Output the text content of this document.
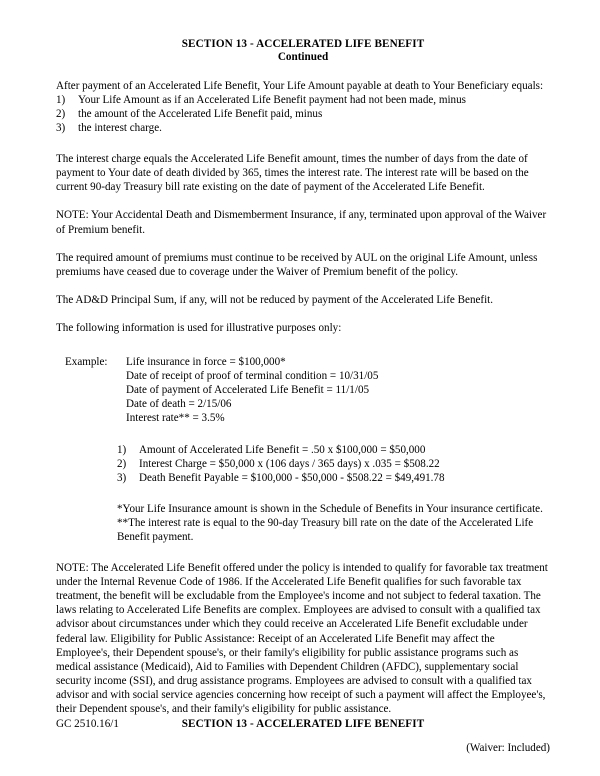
SECTION 13 - ACCELERATED LIFE BENEFIT
Continued

After payment of an Accelerated Life Benefit, Your Life Amount payable at death to Your Beneficiary equals:

1) Your Life Amount as if an Accelerated Life Benefit payment had not been made, minus
2) the amount of the Accelerated Life Benefit paid, minus
3) the interest charge.

The interest charge equals the Accelerated Life Benefit amount, times the number of days from the date of payment to Your date of death divided by 365, times the interest rate. The interest rate will be based on the current 90-day Treasury bill rate existing on the date of payment of the Accelerated Life Benefit.

NOTE: Your Accidental Death and Dismemberment Insurance, if any, terminated upon approval of the Waiver of Premium benefit.

The required amount of premiums must continue to be received by AUL on the original Life Amount, unless premiums have ceased due to coverage under the Waiver of Premium benefit of the policy.

The AD&D Principal Sum, if any, will not be reduced by payment of the Accelerated Life Benefit.

The following information is used for illustrative purposes only:

Example: Life insurance in force = $100,000*
Date of receipt of proof of terminal condition = 10/31/05
Date of payment of Accelerated Life Benefit = 11/1/05
Date of death = 2/15/06
Interest rate** = 3.5%
1) Amount of Accelerated Life Benefit = .50 x $100,000 = $50,000
2) Interest Charge = $50,000 x (106 days / 365 days) x .035 = $508.22
3) Death Benefit Payable = $100,000 - $50,000 - $508.22 = $49,491.78
*Your Life Insurance amount is shown in the Schedule of Benefits in Your insurance certificate.
**The interest rate is equal to the 90-day Treasury bill rate on the date of the Accelerated Life Benefit payment.

NOTE: The Accelerated Life Benefit offered under the policy is intended to qualify for favorable tax treatment under the Internal Revenue Code of 1986. If the Accelerated Life Benefit qualifies for such favorable tax treatment, the benefit will be excludable from the Employee's income and not subject to federal taxation. The laws relating to Accelerated Life Benefits are complex. Employees are advised to consult with a qualified tax advisor about circumstances under which they could receive an Accelerated Life Benefit excludable under federal law. Eligibility for Public Assistance: Receipt of an Accelerated Life Benefit may affect the Employee's, their Dependent spouse's, or their family's eligibility for public assistance programs such as medical assistance (Medicaid), Aid to Families with Dependent Children (AFDC), supplementary social security income (SSI), and drug assistance programs. Employees are advised to consult with a qualified tax advisor and with social service agencies concerning how receipt of such a payment will affect the Employee's, their Dependent spouse's, and their family's eligibility for public assistance.

GC 2510.16/1	SECTION 13 - ACCELERATED LIFE BENEFIT
(Waiver: Included)
